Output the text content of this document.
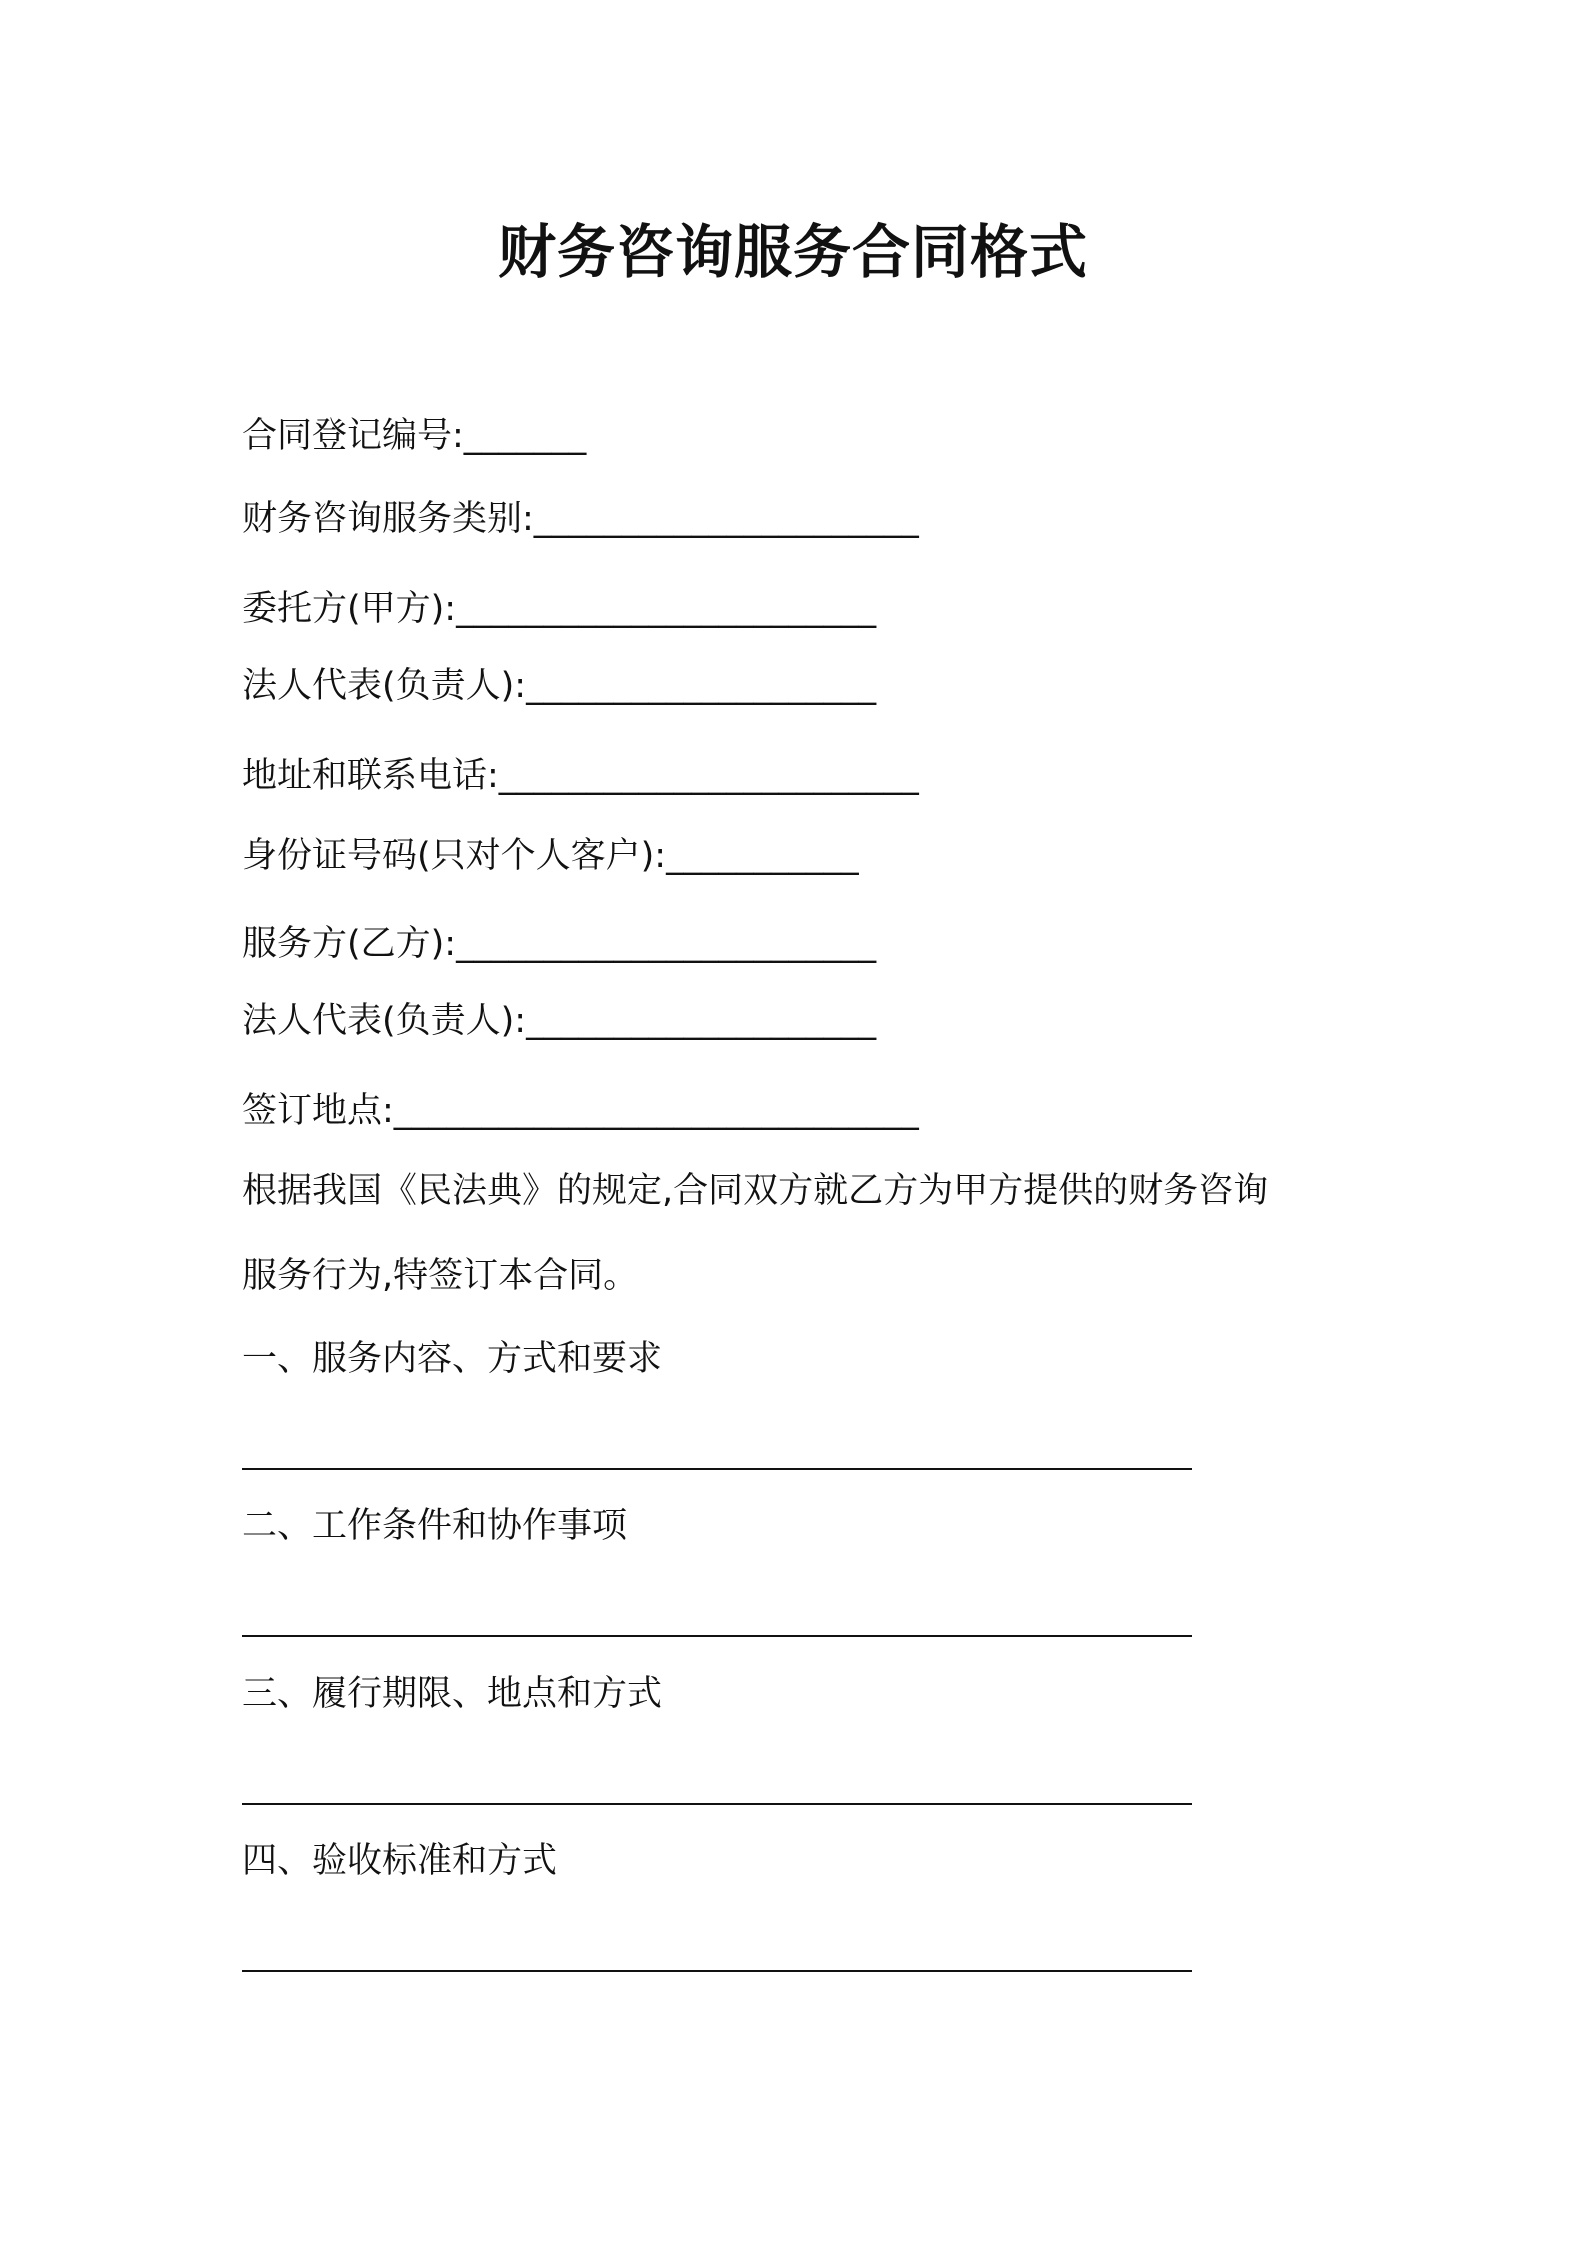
财务咨询服务合同格式
合同登记编号:_______
财务咨询服务类别:______________________
委托方(甲方):________________________
法人代表(负责人):____________________
地址和联系电话:________________________
身份证号码(只对个人客户):___________
服务方(乙方):________________________
法人代表(负责人):____________________
签订地点:______________________________
根据我国《民法典》的规定,合同双方就乙方为甲方提供的财务咨询
服务行为,特签订本合同。
一、服务内容、方式和要求
二、工作条件和协作事项
三、履行期限、地点和方式
四、验收标准和方式
